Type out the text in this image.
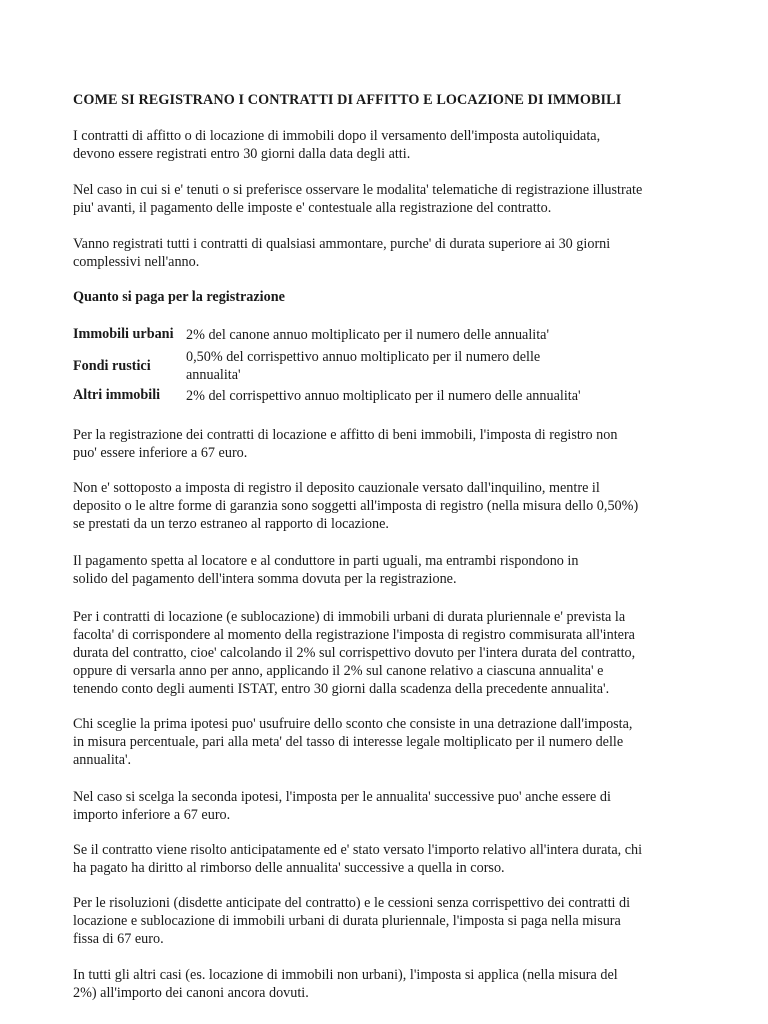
COME SI REGISTRANO I CONTRATTI DI AFFITTO E LOCAZIONE DI IMMOBILI
I contratti di affitto o di locazione di immobili dopo il versamento dell'imposta autoliquidata,
devono essere registrati entro 30 giorni dalla data degli atti.
Nel caso in cui si e' tenuti o si preferisce osservare le modalita' telematiche di registrazione illustrate
piu' avanti, il pagamento delle imposte e' contestuale alla registrazione del contratto.
Vanno registrati tutti i contratti di qualsiasi ammontare, purche' di durata superiore ai 30 giorni
complessivi nell'anno.
Quanto si paga per la registrazione
Immobili urbani 2% del canone annuo moltiplicato per il numero delle annualita'
Fondi rustici
0,50% del corrispettivo annuo moltiplicato per il numero delle
annualita'
Altri immobili 2% del corrispettivo annuo moltiplicato per il numero delle annualita'
Per la registrazione dei contratti di locazione e affitto di beni immobili, l'imposta di registro non
puo' essere inferiore a 67 euro.
Non e' sottoposto a imposta di registro il deposito cauzionale versato dall'inquilino, mentre il
deposito o le altre forme di garanzia sono soggetti all'imposta di registro (nella misura dello 0,50%)
se prestati da un terzo estraneo al rapporto di locazione.
Il pagamento spetta al locatore e al conduttore in parti uguali, ma entrambi rispondono in
solido del pagamento dell'intera somma dovuta per la registrazione.
Per i contratti di locazione (e sublocazione) di immobili urbani di durata pluriennale e' prevista la
facolta' di corrispondere al momento della registrazione l'imposta di registro commisurata all'intera
durata del contratto, cioe' calcolando il 2% sul corrispettivo dovuto per l'intera durata del contratto,
oppure di versarla anno per anno, applicando il 2% sul canone relativo a ciascuna annualita' e
tenendo conto degli aumenti ISTAT, entro 30 giorni dalla scadenza della precedente annualita'.
Chi sceglie la prima ipotesi puo' usufruire dello sconto che consiste in una detrazione dall'imposta,
in misura percentuale, pari alla meta' del tasso di interesse legale moltiplicato per il numero delle
annualita'.
Nel caso si scelga la seconda ipotesi, l'imposta per le annualita' successive puo' anche essere di
importo inferiore a 67 euro.
Se il contratto viene risolto anticipatamente ed e' stato versato l'importo relativo all'intera durata, chi
ha pagato ha diritto al rimborso delle annualita' successive a quella in corso.
Per le risoluzioni (disdette anticipate del contratto) e le cessioni senza corrispettivo dei contratti di
locazione e sublocazione di immobili urbani di durata pluriennale, l'imposta si paga nella misura
fissa di 67 euro.
In tutti gli altri casi (es. locazione di immobili non urbani), l'imposta si applica (nella misura del
2%) all'importo dei canoni ancora dovuti.
